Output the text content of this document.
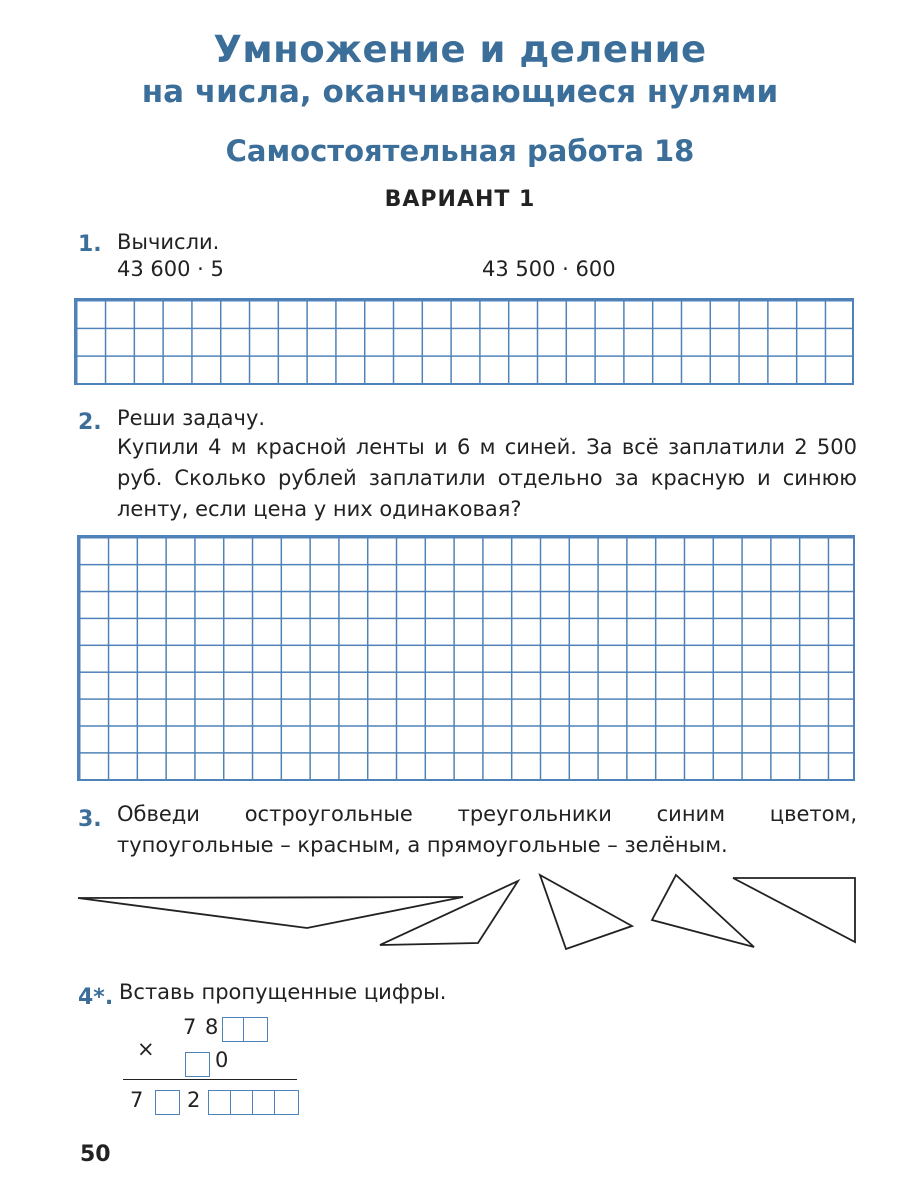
Умножение и деление
на числа, оканчивающиеся нулями
Самостоятельная работа 18
ВАРИАНТ 1
1. Вычисли.
43 600 · 5	43 500 · 600
2. Реши задачу.
Купили 4 м красной ленты и 6 м синей. За всё заплатили 2 500 руб. Сколько рублей заплатили отдельно за красную и синюю ленту, если цена у них одинаковая?
3. Обведи остроугольные треугольники синим цветом, тупоугольные – красным, а прямоугольные – зелёным.
4*. Вставь пропущенные цифры.
×
7 8
0
7 2
50
